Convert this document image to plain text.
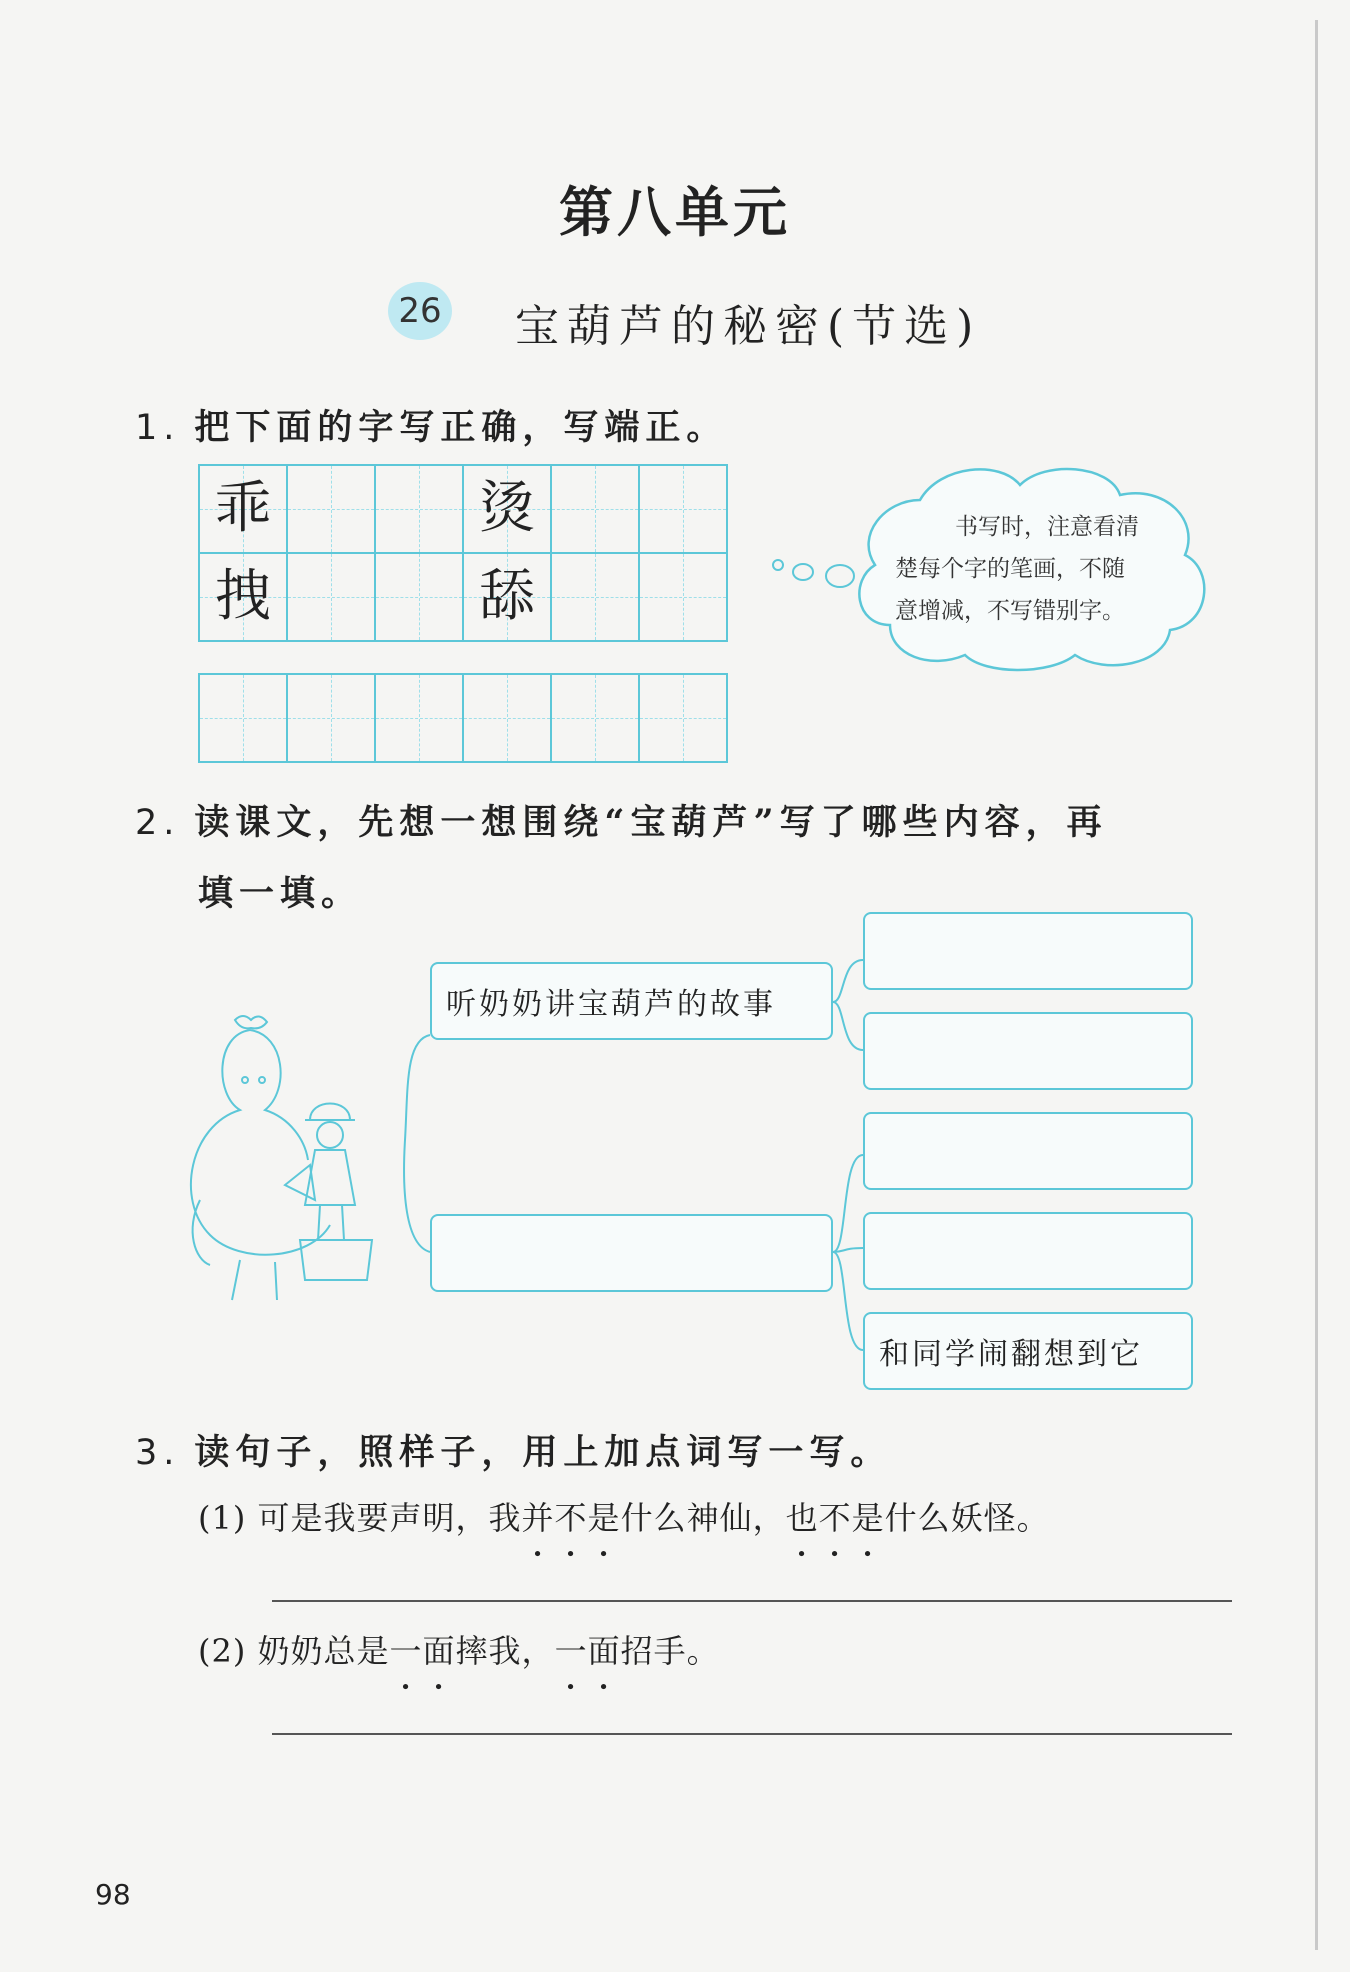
第八单元
26 宝葫芦的秘密(节选)
1. 把下面的字写正确，写端正。
乖	烫
拽	舔
书写时，注意看清
楚每个字的笔画，不随
意增减，不写错别字。
2. 读课文，先想一想围绕“宝葫芦”写了哪些内容，再
填一填。
听奶奶讲宝葫芦的故事
和同学闹翻想到它
3. 读句子，照样子，用上加点词写一写。
(1) 可是我要声明，我并不是什么神仙，也不是什么妖怪。
(2) 奶奶总是一面摔我，一面招手。
98
